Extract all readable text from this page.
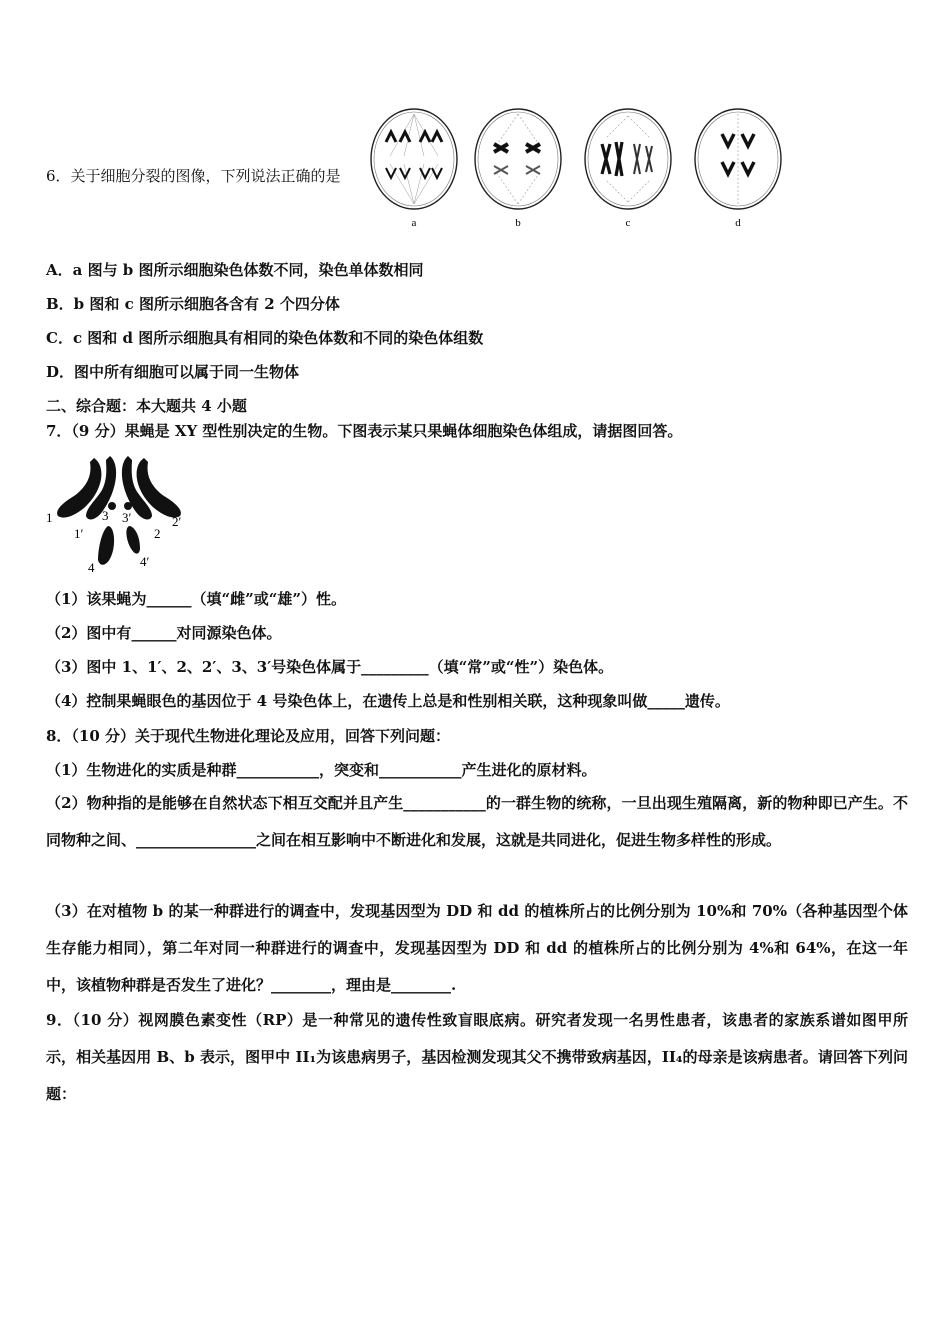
6．关于细胞分裂的图像，下列说法正确的是
a	b	c	d
A．a 图与 b 图所示细胞染色体数不同，染色单体数相同
B．b 图和 c 图所示细胞各含有 2 个四分体
C．c 图和 d 图所示细胞具有相同的染色体数和不同的染色体组数
D．图中所有细胞可以属于同一生物体
二、综合题：本大题共 4 小题
7．（9 分）果蝇是 XY 型性别决定的生物。下图表示某只果蝇体细胞染色体组成，请据图回答。
1
1′
3 3′
2
2′
4	4′
（1）该果蝇为______（填“雌”或“雄”）性。
（2）图中有______对同源染色体。
（3）图中 1、1′、2、2′、3、3′号染色体属于_________（填“常”或“性”）染色体。
（4）控制果蝇眼色的基因位于 4 号染色体上，在遗传上总是和性别相关联，这种现象叫做_____遗传。
8．（10 分）关于现代生物进化理论及应用，回答下列问题：
（1）生物进化的实质是种群___________，突变和___________产生进化的原材料。
（2）物种指的是能够在自然状态下相互交配并且产生___________的一群生物的统称，一旦出现生殖隔离，新的物种即已产生。不同物种之间、________________之间在相互影响中不断进化和发展，这就是共同进化，促进生物多样性的形成。
（3）在对植物 b 的某一种群进行的调查中，发现基因型为 DD 和 dd 的植株所占的比例分别为 10%和 70%（各种基因型个体生存能力相同），第二年对同一种群进行的调查中，发现基因型为 DD 和 dd 的植株所占的比例分别为 4%和 64%，在这一年中，该植物种群是否发生了进化？________，理由是________.
9．（10 分）视网膜色素变性（RP）是一种常见的遗传性致盲眼底病。研究者发现一名男性患者，该患者的家族系谱如图甲所示，相关基因用 B、b 表示，图甲中 II₁为该患病男子，基因检测发现其父不携带致病基因，II₄的母亲是该病患者。请回答下列问题：
